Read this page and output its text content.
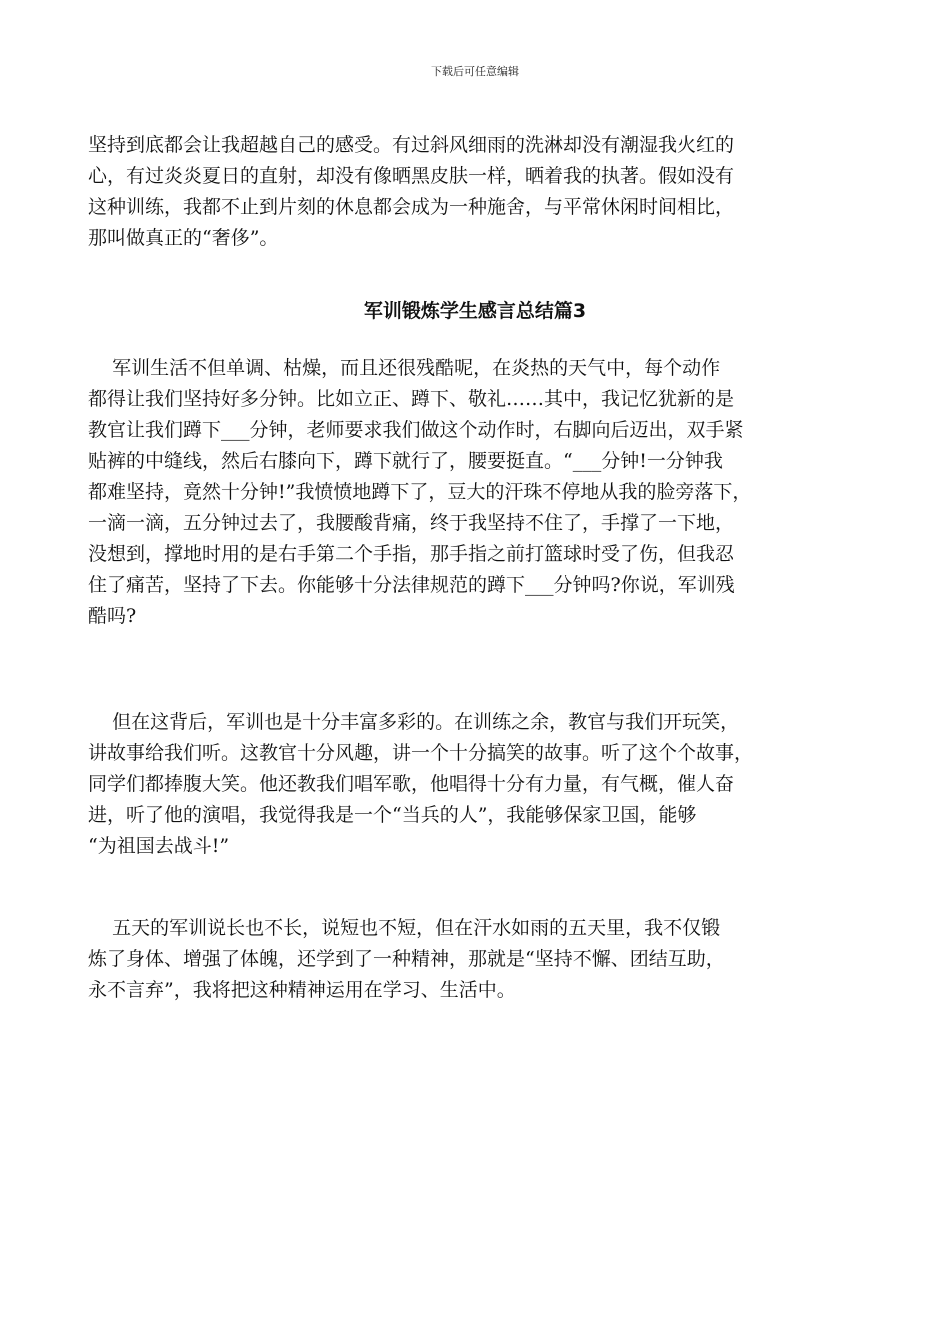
下载后可任意编辑

坚持到底都会让我超越自己的感受。有过斜风细雨的洗淋却没有潮湿我火红的
心，有过炎炎夏日的直射，却没有像晒黑皮肤一样，晒着我的执著。假如没有
这种训练，我都不止到片刻的休息都会成为一种施舍，与平常休闲时间相比，
那叫做真正的“奢侈”。

军训锻炼学生感言总结篇3

军训生活不但单调、枯燥，而且还很残酷呢，在炎热的天气中，每个动作
都得让我们坚持好多分钟。比如立正、蹲下、敬礼……其中，我记忆犹新的是
教官让我们蹲下___分钟，老师要求我们做这个动作时，右脚向后迈出，双手紧
贴裤的中缝线，然后右膝向下，蹲下就行了，腰要挺直。“___分钟!一分钟我
都难坚持，竟然十分钟!”我愤愤地蹲下了，豆大的汗珠不停地从我的脸旁落下，
一滴一滴，五分钟过去了，我腰酸背痛，终于我坚持不住了，手撑了一下地，
没想到，撑地时用的是右手第二个手指，那手指之前打篮球时受了伤，但我忍
住了痛苦，坚持了下去。你能够十分法律规范的蹲下___分钟吗?你说，军训残
酷吗?

但在这背后，军训也是十分丰富多彩的。在训练之余，教官与我们开玩笑，
讲故事给我们听。这教官十分风趣，讲一个十分搞笑的故事。听了这个个故事，
同学们都捧腹大笑。他还教我们唱军歌，他唱得十分有力量，有气概，催人奋
进，听了他的演唱，我觉得我是一个“当兵的人”，我能够保家卫国，能够
“为祖国去战斗!”

五天的军训说长也不长，说短也不短，但在汗水如雨的五天里，我不仅锻
炼了身体、增强了体魄，还学到了一种精神，那就是“坚持不懈、团结互助，
永不言弃”，我将把这种精神运用在学习、生活中。
